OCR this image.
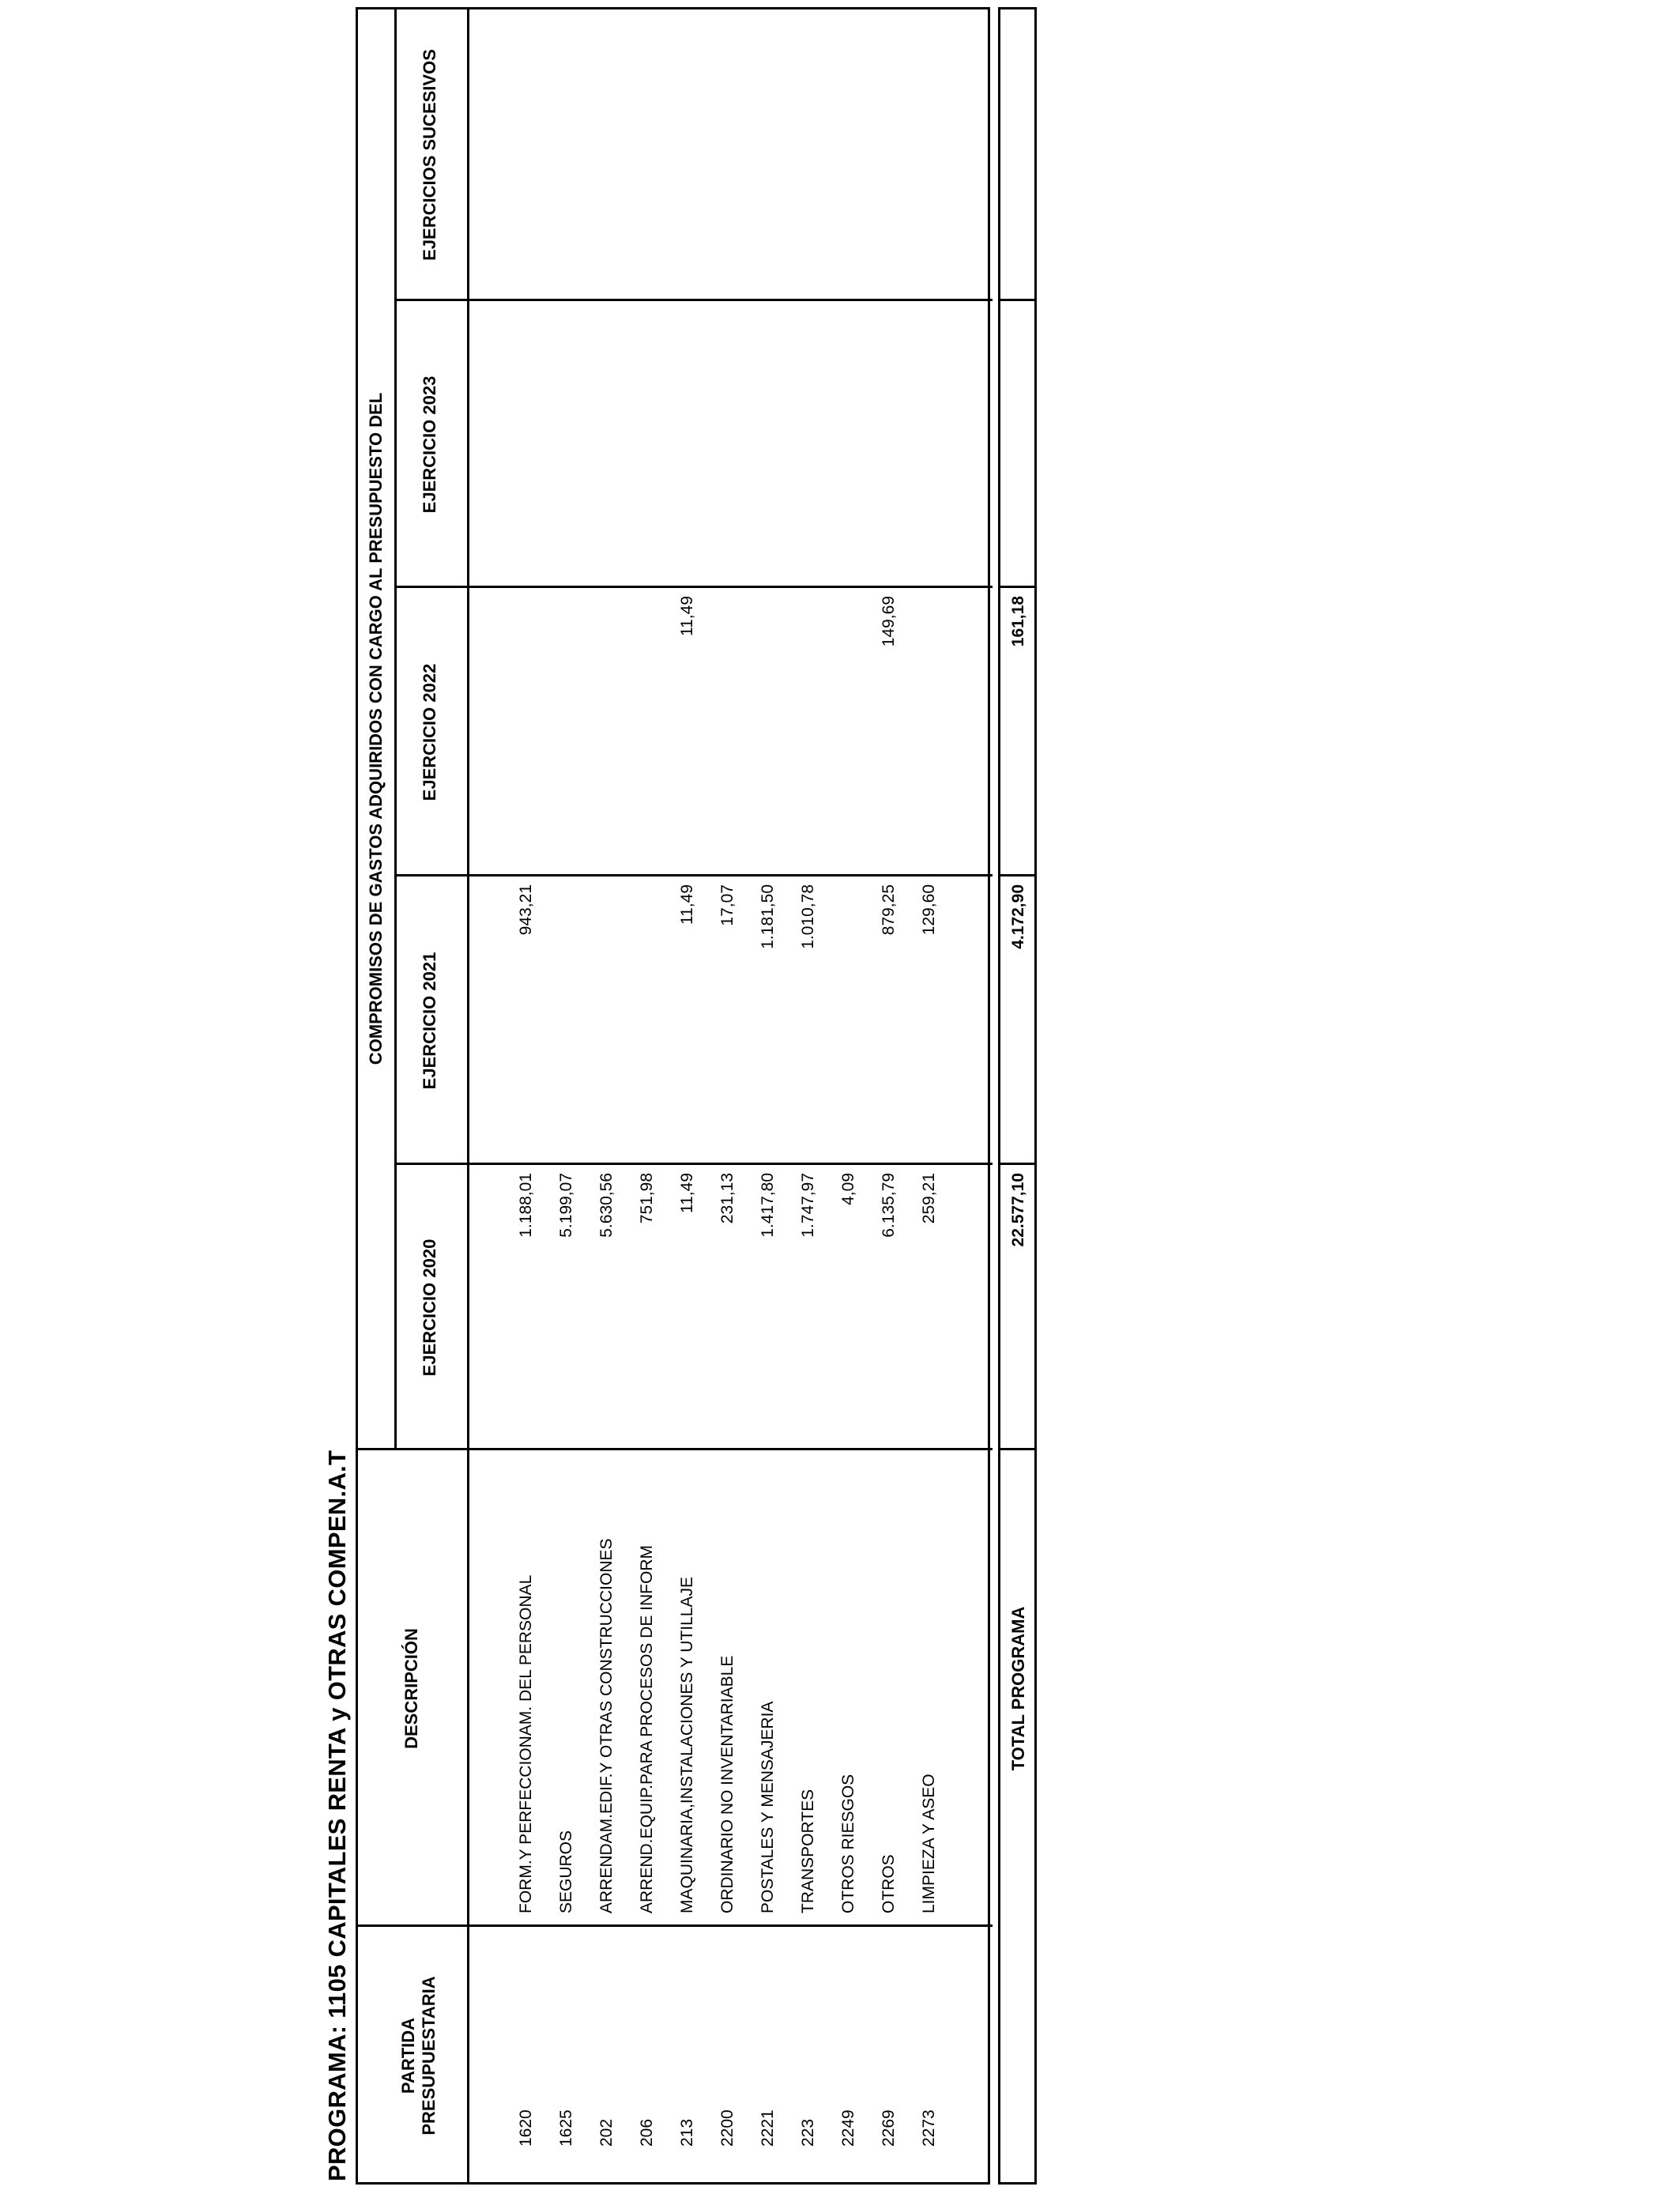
PROGRAMA: 1105 CAPITALES RENTA y OTRAS COMPEN.A.T	PARTIDA PRESUPUESTARIA
DESCRIPCIÓN
COMPROMISOS DE GASTOS ADQUIRIDOS CON CARGO AL PRESUPUESTO DEL
EJERCICIO 2020
EJERCICIO 2021
EJERCICIO 2022
EJERCICIO 2023
EJERCICIOS SUCESIVOS
1620
FORM.Y PERFECCIONAM. DEL PERSONAL
1.188,01
943,21
1625
SEGUROS
5.199,07
202
ARRENDAM.EDIF.Y OTRAS CONSTRUCCIONES
5.630,56
206
ARREND.EQUIP.PARA PROCESOS DE INFORM
751,98
213
MAQUINARIA,INSTALACIONES Y UTILLAJE
11,49
11,49
11,49
2200
ORDINARIO NO INVENTARIABLE
231,13
17,07
2221
POSTALES Y MENSAJERIA
1.417,80
1.181,50
223
TRANSPORTES
1.747,97
1.010,78
2249
OTROS RIESGOS
4,09
2269
OTROS
6.135,79
879,25
149,69
2273
LIMPIEZA Y ASEO
259,21
129,60
TOTAL PROGRAMA
22.577,10
4.172,90
161,18
